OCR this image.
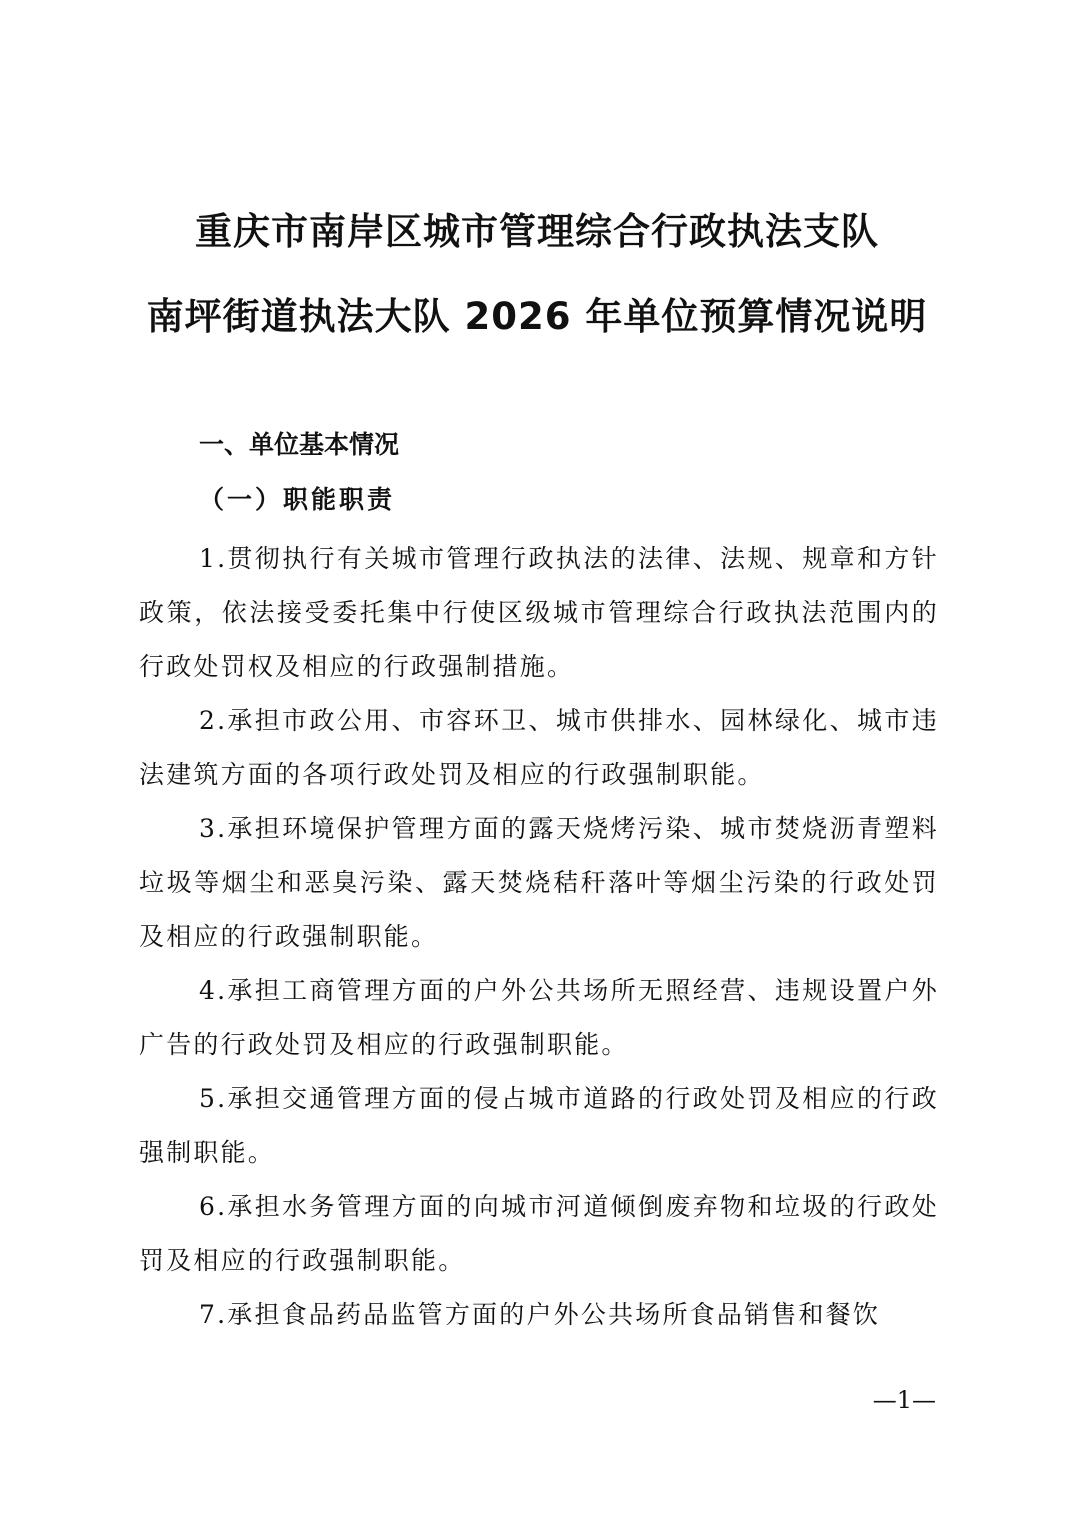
重庆市南岸区城市管理综合行政执法支队
南坪街道执法大队 2026 年单位预算情况说明
一、单位基本情况
（一）职能职责

1.贯彻执行有关城市管理行政执法的法律、法规、规章和方针政策，依法接受委托集中行使区级城市管理综合行政执法范围内的行政处罚权及相应的行政强制措施。

2.承担市政公用、市容环卫、城市供排水、园林绿化、城市违法建筑方面的各项行政处罚及相应的行政强制职能。

3.承担环境保护管理方面的露天烧烤污染、城市焚烧沥青塑料垃圾等烟尘和恶臭污染、露天焚烧秸秆落叶等烟尘污染的行政处罚及相应的行政强制职能。

4.承担工商管理方面的户外公共场所无照经营、违规设置户外广告的行政处罚及相应的行政强制职能。

5.承担交通管理方面的侵占城市道路的行政处罚及相应的行政强制职能。

6.承担水务管理方面的向城市河道倾倒废弃物和垃圾的行政处罚及相应的行政强制职能。

7.承担食品药品监管方面的户外公共场所食品销售和餐饮

—1—
